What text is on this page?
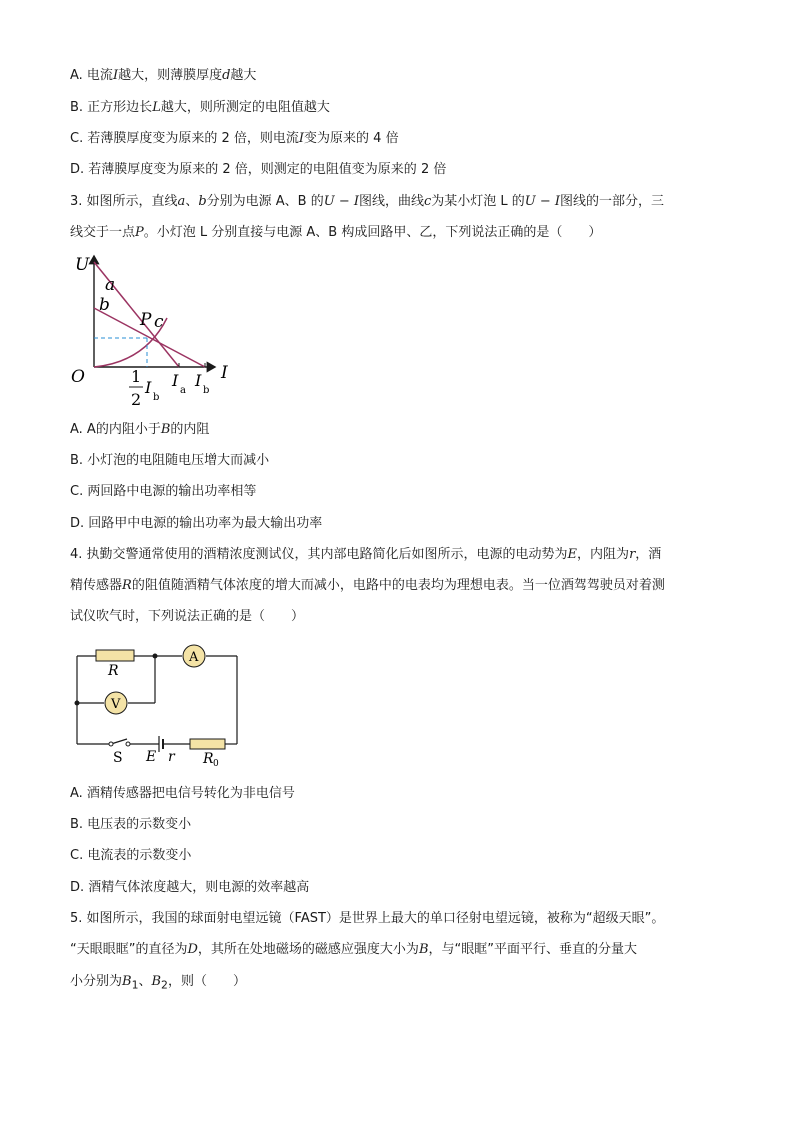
A. 电流I越大，则薄膜厚度d越大
B. 正方形边长L越大，则所测定的电阻值越大
C. 若薄膜厚度变为原来的 2 倍，则电流I变为原来的 4 倍
D. 若薄膜厚度变为原来的 2 倍，则测定的电阻值变为原来的 2 倍
3. 如图所示，直线a、b分别为电源 A、B 的U − I图线，曲线c为某小灯泡 L 的U − I图线的一部分，三
线交于一点P。小灯泡 L 分别直接与电源 A、B 构成回路甲、乙，下列说法正确的是（　　）
U
I
O
a
b
P c
1
2
I
b
I
a
I
b
A. A的内阻小于B的内阻
B. 小灯泡的电阻随电压增大而减小
C. 两回路中电源的输出功率相等
D. 回路甲中电源的输出功率为最大输出功率
4. 执勤交警通常使用的酒精浓度测试仪，其内部电路简化后如图所示，电源的电动势为E，内阻为r，酒
精传感器R的阻值随酒精气体浓度的增大而减小，电路中的电表均为理想电表。当一位酒驾驾驶员对着测
试仪吹气时，下列说法正确的是（　　）
R
A
V
S E r R 0
A. 酒精传感器把电信号转化为非电信号
B. 电压表的示数变小
C. 电流表的示数变小
D. 酒精气体浓度越大，则电源的效率越高
5. 如图所示，我国的球面射电望远镜（FAST）是世界上最大的单口径射电望远镜，被称为“超级天眼”。
“天眼眼眶”的直径为D，其所在处地磁场的磁感应强度大小为B，与“眼眶”平面平行、垂直的分量大
小分别为$B_1$、$B_2$，则（　　）
